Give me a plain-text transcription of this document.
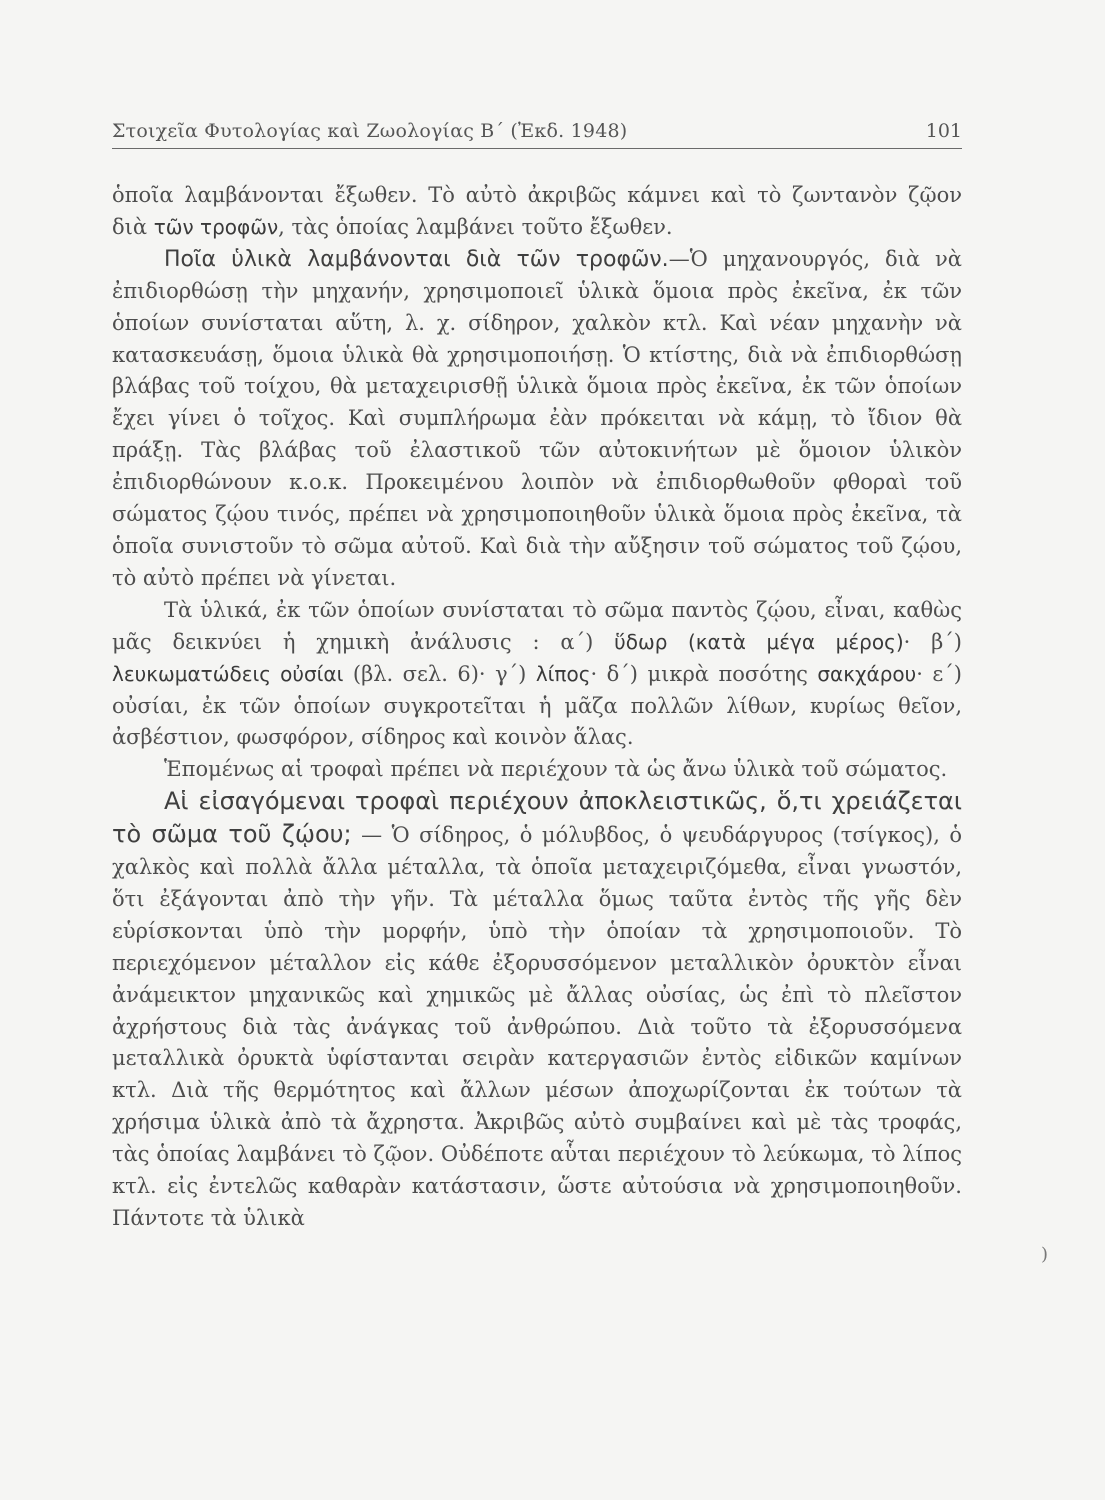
Στοιχεῖα Φυτολογίας καὶ Ζωολογίας Β΄ (Ἐκδ. 1948)	101

ὁποῖα λαμβάνονται ἔξωθεν. Τὸ αὐτὸ ἀκριβῶς κάμνει καὶ τὸ ζωντανὸν ζῷον διὰ τῶν τροφῶν, τὰς ὁποίας λαμβάνει τοῦτο ἔξωθεν.

Ποῖα ὑλικὰ λαμβάνονται διὰ τῶν τροφῶν.—Ὁ μηχανουργός, διὰ νὰ ἐπιδιορθώσῃ τὴν μηχανήν, χρησιμοποιεῖ ὑλικὰ ὅμοια πρὸς ἐκεῖνα, ἐκ τῶν ὁποίων συνίσταται αὕτη, λ. χ. σίδηρον, χαλκὸν κτλ. Καὶ νέαν μηχανὴν νὰ κατασκευάσῃ, ὅμοια ὑλικὰ θὰ χρησιμοποιήσῃ. Ὁ κτίστης, διὰ νὰ ἐπιδιορθώσῃ βλάβας τοῦ τοίχου, θὰ μεταχειρισθῇ ὑλικὰ ὅμοια πρὸς ἐκεῖνα, ἐκ τῶν ὁποίων ἔχει γίνει ὁ τοῖχος. Καὶ συμπλήρωμα ἐὰν πρόκειται νὰ κάμῃ, τὸ ἴδιον θὰ πράξῃ. Τὰς βλάβας τοῦ ἐλαστικοῦ τῶν αὐτοκινήτων μὲ ὅμοιον ὑλικὸν ἐπιδιορθώνουν κ.ο.κ. Προκειμένου λοιπὸν νὰ ἐπιδιορθωθοῦν φθοραὶ τοῦ σώματος ζῴου τινός, πρέπει νὰ χρησιμοποιηθοῦν ὑλικὰ ὅμοια πρὸς ἐκεῖνα, τὰ ὁποῖα συνιστοῦν τὸ σῶμα αὐτοῦ. Καὶ διὰ τὴν αὔξησιν τοῦ σώματος τοῦ ζῴου, τὸ αὐτὸ πρέπει νὰ γίνεται.

Τὰ ὑλικά, ἐκ τῶν ὁποίων συνίσταται τὸ σῶμα παντὸς ζῴου, εἶναι, καθὼς μᾶς δεικνύει ἡ χημικὴ ἀνάλυσις : α΄) ὕδωρ (κατὰ μέγα μέρος)· β΄) λευκωματώδεις οὐσίαι (βλ. σελ. 6)· γ΄) λίπος· δ΄) μικρὰ ποσότης σακχάρου· ε΄) οὐσίαι, ἐκ τῶν ὁποίων συγκροτεῖται ἡ μᾶζα πολλῶν λίθων, κυρίως θεῖον, ἀσβέστιον, φωσφόρον, σίδηρος καὶ κοινὸν ἅλας.

Ἑπομένως αἱ τροφαὶ πρέπει νὰ περιέχουν τὰ ὡς ἄνω ὑλικὰ τοῦ σώματος.

Αἱ εἰσαγόμεναι τροφαὶ περιέχουν ἀποκλειστικῶς, ὅ,τι χρειάζεται τὸ σῶμα τοῦ ζῴου; — Ὁ σίδηρος, ὁ μόλυβδος, ὁ ψευδάργυρος (τσίγκος), ὁ χαλκὸς καὶ πολλὰ ἄλλα μέταλλα, τὰ ὁποῖα μεταχειριζόμεθα, εἶναι γνωστόν, ὅτι ἐξάγονται ἀπὸ τὴν γῆν. Τὰ μέταλλα ὅμως ταῦτα ἐντὸς τῆς γῆς δὲν εὑρίσκονται ὑπὸ τὴν μορφήν, ὑπὸ τὴν ὁποίαν τὰ χρησιμοποιοῦν. Τὸ περιεχόμενον μέταλλον εἰς κάθε ἐξορυσσόμενον μεταλλικὸν ὀρυκτὸν εἶναι ἀνάμεικτον μηχανικῶς καὶ χημικῶς μὲ ἄλλας οὐσίας, ὡς ἐπὶ τὸ πλεῖστον ἀχρήστους διὰ τὰς ἀνάγκας τοῦ ἀνθρώπου. Διὰ τοῦτο τὰ ἐξορυσσόμενα μεταλλικὰ ὀρυκτὰ ὑφίστανται σειρὰν κατεργασιῶν ἐντὸς εἰδικῶν καμίνων κτλ. Διὰ τῆς θερμότητος καὶ ἄλλων μέσων ἀποχωρίζονται ἐκ τούτων τὰ χρήσιμα ὑλικὰ ἀπὸ τὰ ἄχρηστα. Ἀκριβῶς αὐτὸ συμβαίνει καὶ μὲ τὰς τροφάς, τὰς ὁποίας λαμβάνει τὸ ζῷον. Οὐδέποτε αὗται περιέχουν τὸ λεύκωμα, τὸ λίπος κτλ. εἰς ἐντελῶς καθαρὰν κατάστασιν, ὥστε αὐτούσια νὰ χρησιμοποιηθοῦν. Πάντοτε τὰ ὑλικὰ

)
